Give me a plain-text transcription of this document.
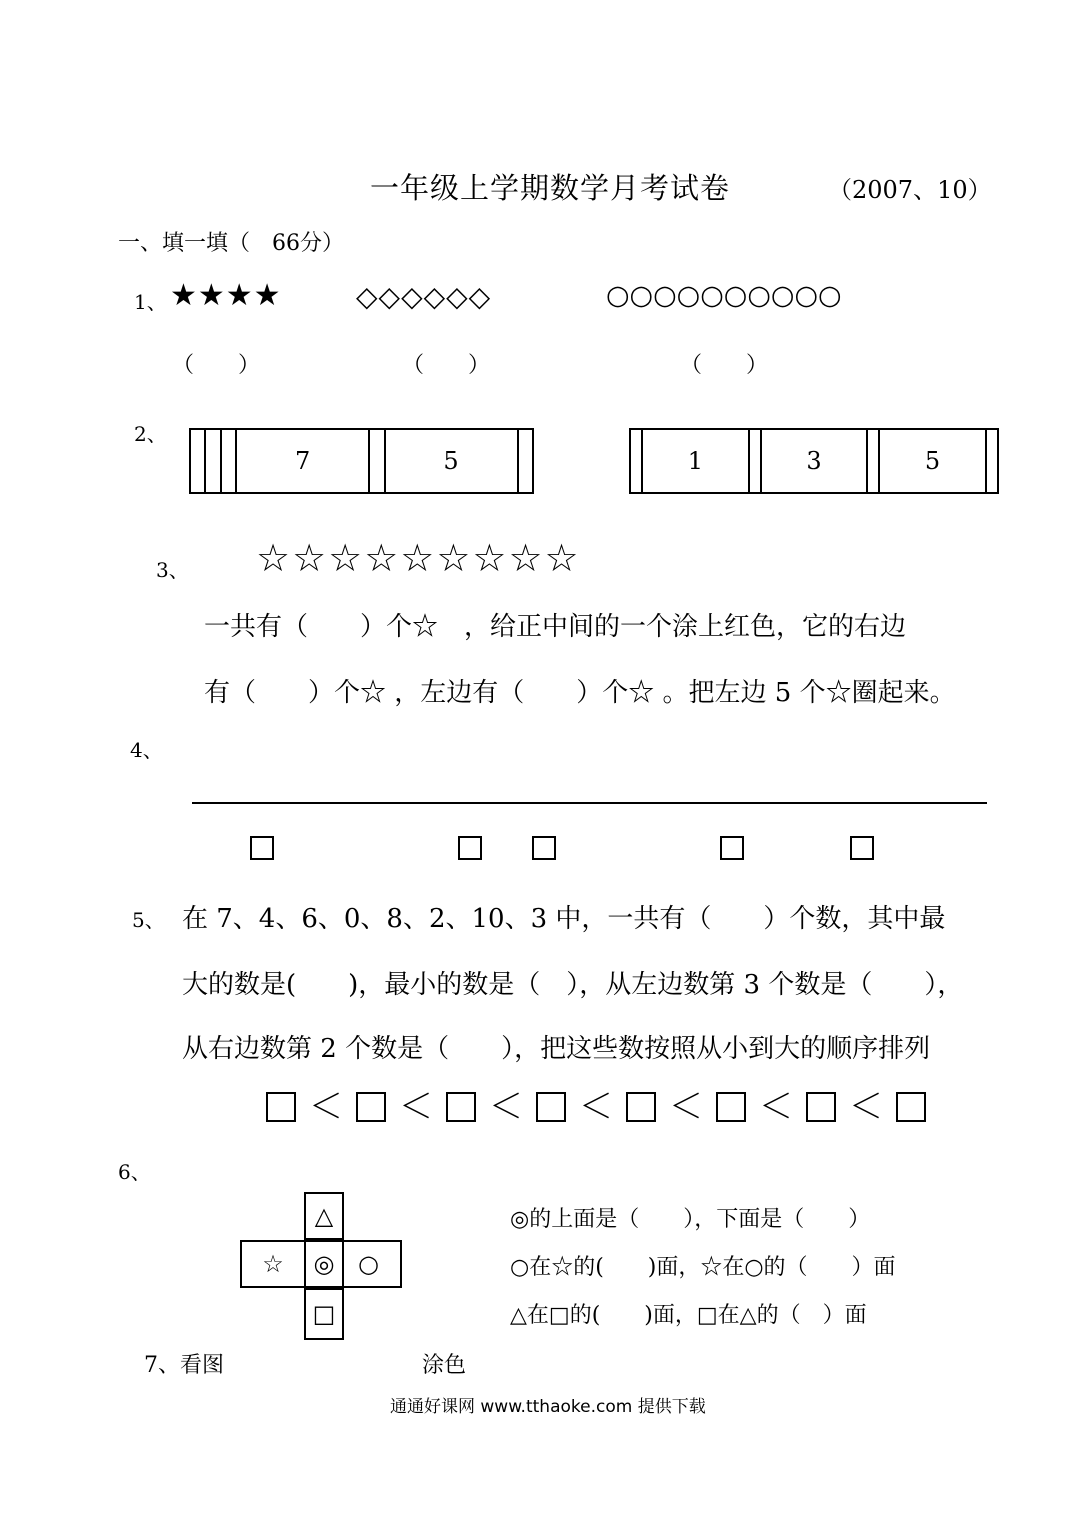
一年级上学期数学月考试卷	（2007、10）
一、填一填（　66分）
1、 ★★★★	◇◇◇◇◇◇	○○○○○○○○○○
（　　）	（　　）	（　　）
2、
			7		5	
		1		3		5	
3、 ☆☆☆☆☆☆☆☆☆
一共有（　　）个☆　，给正中间的一个涂上红色，它的右边
有（　　）个☆ ，左边有（　　）个☆ 。把左边 5 个☆圈起来。
4、
5、 在 7、4、6、0、8、2、10、3 中，一共有（　　）个数，其中最
大的数是(　　)，最小的数是（　），从左边数第 3 个数是（　　），
从右边数第 2 个数是（　　），把这些数按照从小到大的顺序排列
＜	＜	＜	＜	＜	＜	＜
6、
△
☆	◎ ○
□
◎的上面是（　　），下面是（　　）
○在☆的(　　)面，☆在○的（　　）面
△在□的(　　)面，□在△的（　）面
7、看图	涂色
通通好课网 www.tthaoke.com 提供下载
